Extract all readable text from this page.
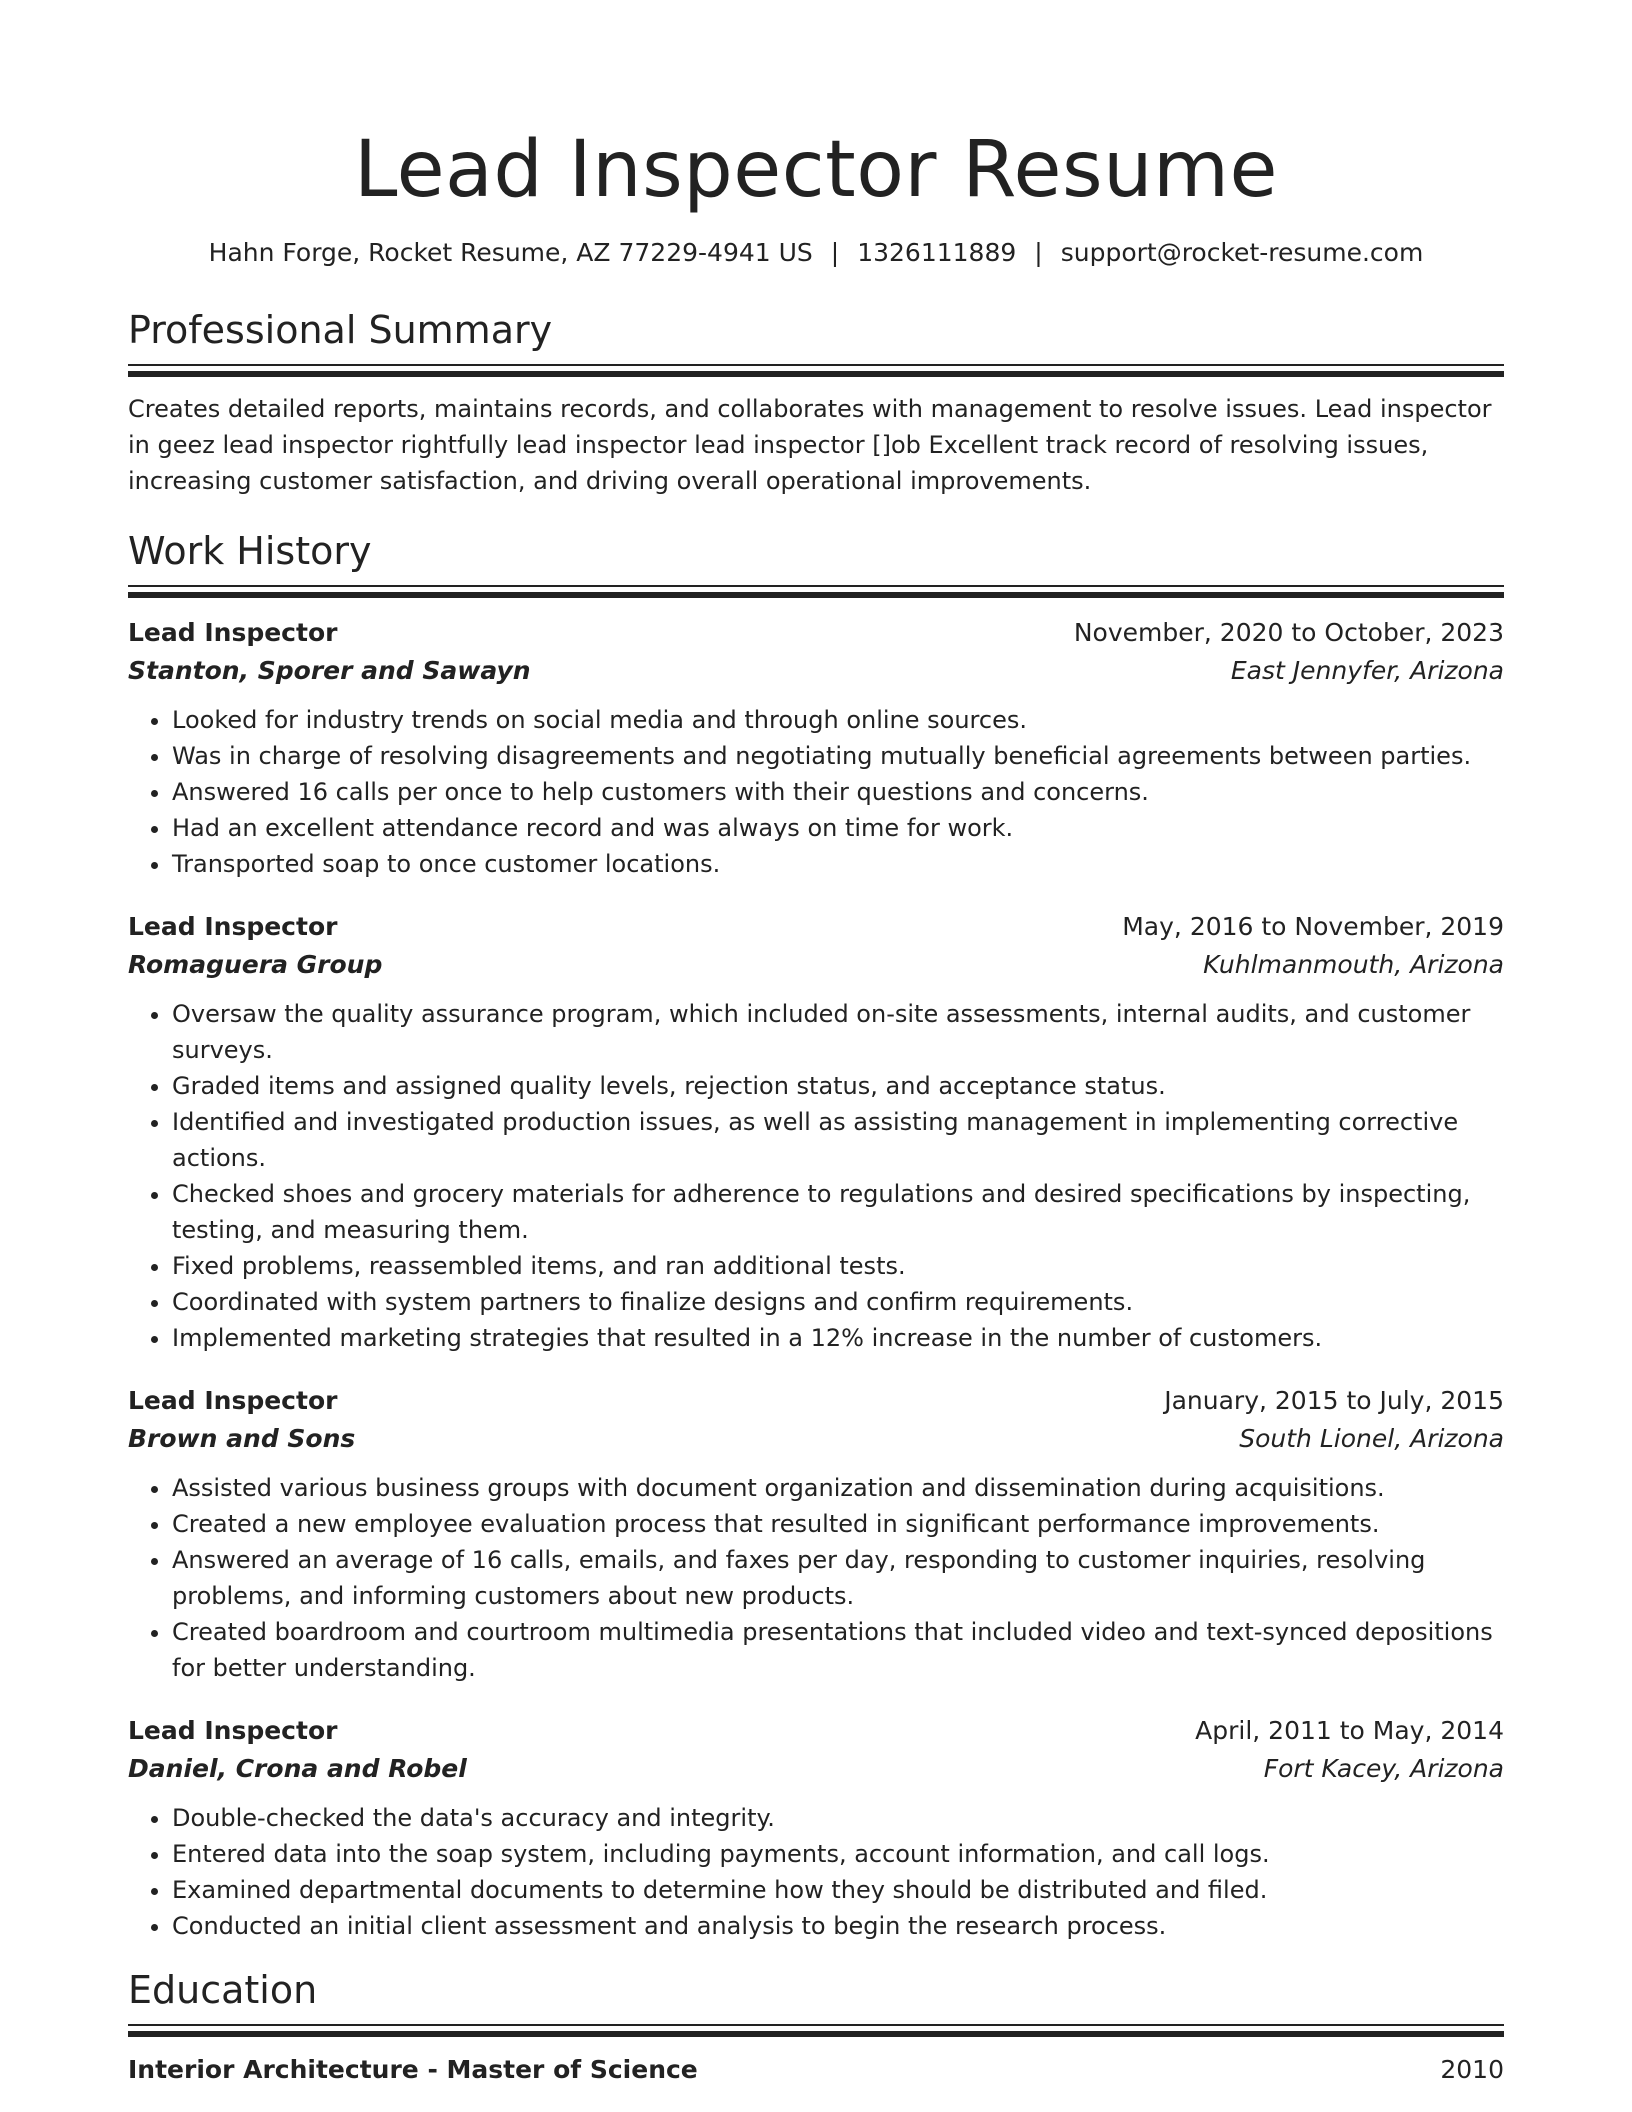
Lead Inspector Resume
Hahn Forge, Rocket Resume, AZ 77229-4941 US | 1326111889 | support@rocket-resume.com
Professional Summary
Creates detailed reports, maintains records, and collaborates with management to resolve issues. Lead inspector in geez lead inspector rightfully lead inspector lead inspector []ob Excellent track record of resolving issues, increasing customer satisfaction, and driving overall operational improvements.
Work History
Lead Inspector	November, 2020 to October, 2023
Stanton, Sporer and Sawayn	East Jennyfer, Arizona
• Looked for industry trends on social media and through online sources.
• Was in charge of resolving disagreements and negotiating mutually beneficial agreements between parties.
• Answered 16 calls per once to help customers with their questions and concerns.
• Had an excellent attendance record and was always on time for work.
• Transported soap to once customer locations.
Lead Inspector	May, 2016 to November, 2019
Romaguera Group	Kuhlmanmouth, Arizona
• Oversaw the quality assurance program, which included on-site assessments, internal audits, and customer surveys.
• Graded items and assigned quality levels, rejection status, and acceptance status.
• Identified and investigated production issues, as well as assisting management in implementing corrective actions.
• Checked shoes and grocery materials for adherence to regulations and desired specifications by inspecting, testing, and measuring them.
• Fixed problems, reassembled items, and ran additional tests.
• Coordinated with system partners to finalize designs and confirm requirements.
• Implemented marketing strategies that resulted in a 12% increase in the number of customers.
Lead Inspector	January, 2015 to July, 2015
Brown and Sons	South Lionel, Arizona
• Assisted various business groups with document organization and dissemination during acquisitions.
• Created a new employee evaluation process that resulted in significant performance improvements.
• Answered an average of 16 calls, emails, and faxes per day, responding to customer inquiries, resolving problems, and informing customers about new products.
• Created boardroom and courtroom multimedia presentations that included video and text-synced depositions for better understanding.
Lead Inspector	April, 2011 to May, 2014
Daniel, Crona and Robel	Fort Kacey, Arizona
• Double-checked the data's accuracy and integrity.
• Entered data into the soap system, including payments, account information, and call logs.
• Examined departmental documents to determine how they should be distributed and filed.
• Conducted an initial client assessment and analysis to begin the research process.
Education
Interior Architecture - Master of Science	2010
